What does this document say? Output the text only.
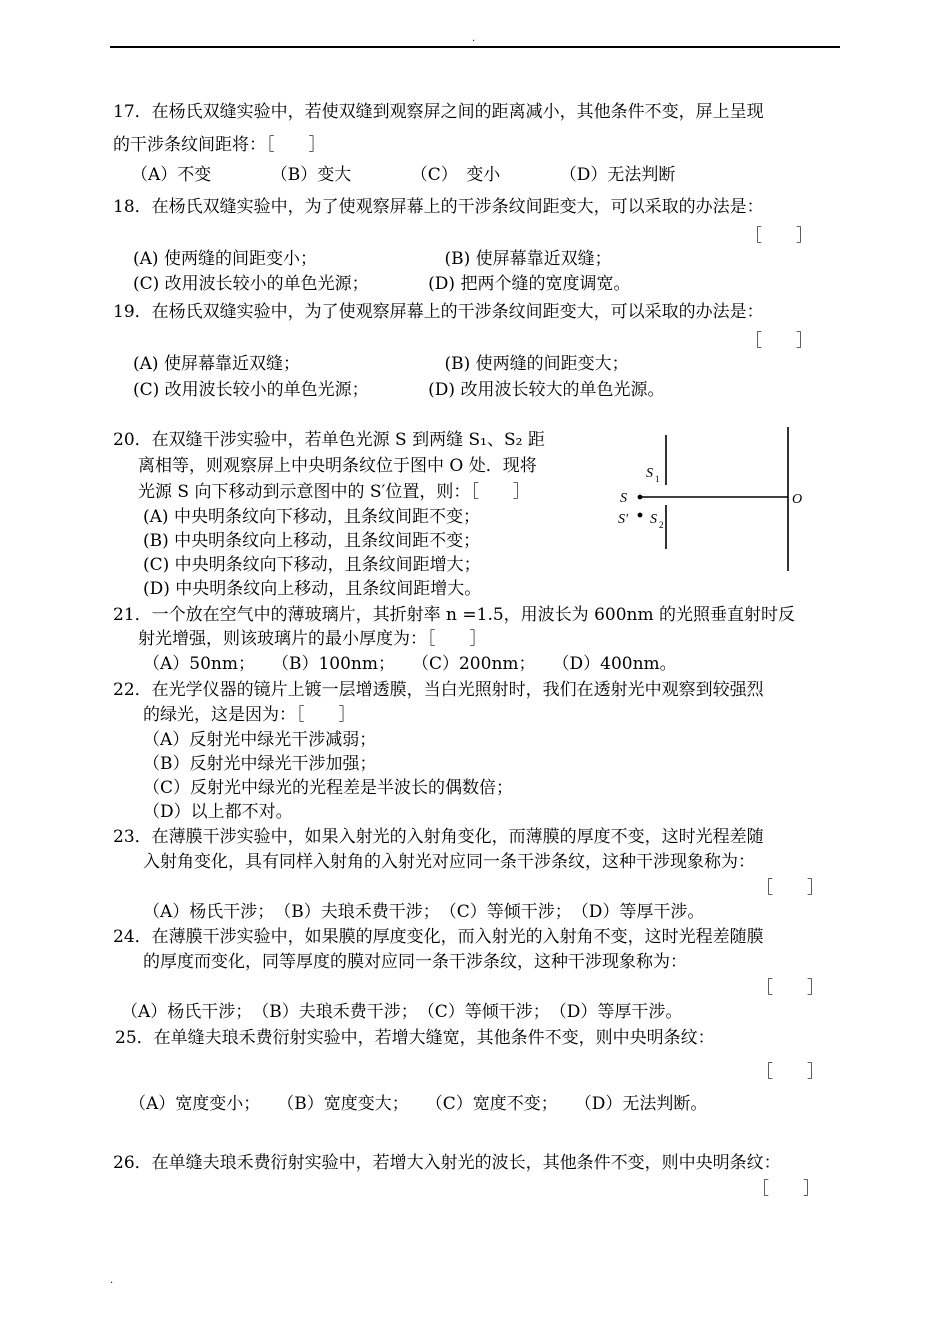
.
17．在杨氏双缝实验中，若使双缝到观察屏之间的距离减小，其他条件不变，屏上呈现
的干涉条纹间距将：［　　］
（A）不变　　　　（B）变大　　　　（C）　变小　　　　（D）无法判断
18．在杨氏双缝实验中，为了使观察屏幕上的干涉条纹间距变大，可以采取的办法是：
［　　］
(A) 使两缝的间距变小；　　　　　　　　(B) 使屏幕靠近双缝；
(C) 改用波长较小的单色光源；　　　　(D) 把两个缝的宽度调宽。
19．在杨氏双缝实验中，为了使观察屏幕上的干涉条纹间距变大，可以采取的办法是：
［　　］
(A) 使屏幕靠近双缝；　　　　　　　　　(B) 使两缝的间距变大；
(C) 改用波长较小的单色光源；　　　　(D) 改用波长较大的单色光源。
20．在双缝干涉实验中，若单色光源 S 到两缝 S₁、S₂ 距
离相等，则观察屏上中央明条纹位于图中 O 处．现将
光源 S 向下移动到示意图中的 S′位置，则：［　　］
(A) 中央明条纹向下移动，且条纹间距不变；
(B) 中央明条纹向上移动，且条纹间距不变；
(C) 中央明条纹向下移动，且条纹间距增大；
(D) 中央明条纹向上移动，且条纹间距增大。
S
S′
S 1
S 2
O
21．一个放在空气中的薄玻璃片，其折射率 n =1.5，用波长为 600nm 的光照垂直射时反
射光增强，则该玻璃片的最小厚度为：［　　］
（A）50nm；　　（B）100nm；　　（C）200nm；　　（D）400nm。
22．在光学仪器的镜片上镀一层增透膜，当白光照射时，我们在透射光中观察到较强烈
的绿光，这是因为：［　　］
（A）反射光中绿光干涉减弱；
（B）反射光中绿光干涉加强；
（C）反射光中绿光的光程差是半波长的偶数倍；
（D）以上都不对。
23．在薄膜干涉实验中，如果入射光的入射角变化，而薄膜的厚度不变，这时光程差随
入射角变化，具有同样入射角的入射光对应同一条干涉条纹，这种干涉现象称为：
［　　］
（A）杨氏干涉；　（B）夫琅禾费干涉；　（C）等倾干涉；　（D）等厚干涉。
24．在薄膜干涉实验中，如果膜的厚度变化，而入射光的入射角不变，这时光程差随膜
的厚度而变化，同等厚度的膜对应同一条干涉条纹，这种干涉现象称为：
［　　］
（A）杨氏干涉；　（B）夫琅禾费干涉；　（C）等倾干涉；　（D）等厚干涉。
25．在单缝夫琅禾费衍射实验中，若增大缝宽，其他条件不变，则中央明条纹：
［　　］
（A）宽度变小；　　（B）宽度变大；　　（C）宽度不变；　　（D）无法判断。
26．在单缝夫琅禾费衍射实验中，若增大入射光的波长，其他条件不变，则中央明条纹：
［　　］
.
